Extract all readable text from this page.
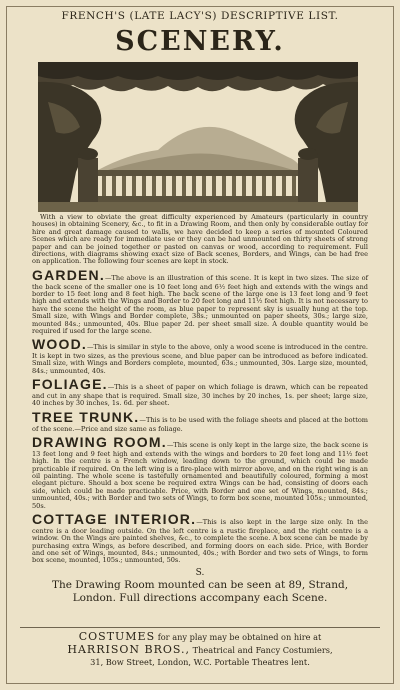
FRENCH'S (LATE LACY'S) DESCRIPTIVE LIST.
SCENERY.

With a view to obviate the great difficulty experienced by Amateurs (particularly in country houses) in obtaining Scenery, &c., to fit in a Drawing Room, and then only by considerable outlay for hire and great damage caused to walls, we have decided to keep a series of mounted Coloured Scenes which are ready for immediate use or they can be had unmounted on thirty sheets of strong paper and can be joined together or pasted on canvas or wood, according to requirement. Full directions, with diagrams showing exact size of Back scenes, Borders, and Wings, can be had free on application. The following four scenes are kept in stock.

GARDEN.—The above is an illustration of this scene. It is kept in two sizes. The size of the back scene of the smaller one is 10 feet long and 6½ feet high and extends with the wings and border to 15 feet long and 8 feet high. The back scene of the large one is 13 feet long and 9 feet high and extends with the Wings and Border to 20 feet long and 11½ feet high. It is not necessary to have the scene the height of the room, as blue paper to represent sky is usually hung at the top. Small size, with Wings and Border complete, 38s.; unmounted on paper sheets, 30s.; large size, mounted 84s.; unmounted, 40s. Blue paper 2d. per sheet small size. A double quantity would be required if used for the large scene.

WOOD.—This is similar in style to the above, only a wood scene is introduced in the centre. It is kept in two sizes, as the previous scene, and blue paper can be introduced as before indicated. Small size, with Wings and Borders complete, mounted, 63s.; unmounted, 30s. Large size, mounted, 84s.; unmounted, 40s.

FOLIAGE.—This is a sheet of paper on which foliage is drawn, which can be repeated and cut in any shape that is required. Small size, 30 inches by 20 inches, 1s. per sheet; large size, 40 inches by 30 inches, 1s. 6d. per sheet.

TREE TRUNK.—This is to be used with the foliage sheets and placed at the bottom of the scene.—Price and size same as foliage.

DRAWING ROOM.—This scene is only kept in the large size, the back scene is 13 feet long and 9 feet high and extends with the wings and borders to 20 feet long and 11½ feet high. In the centre is a French window, leading down to the ground, which could be made practicable if required. On the left wing is a fire-place with mirror above, and on the right wing is an oil painting. The whole scene is tastefully ornamented and beautifully coloured, forming a most elegant picture. Should a box scene be required extra Wings can be had, consisting of doors each side, which could be made practicable. Price, with Border and one set of Wings, mounted, 84s.; unmounted, 40s.; with Border and two sets of Wings, to form box scene, mounted 105s.; unmounted, 50s.

COTTAGE INTERIOR.—This is also kept in the large size only. In the centre is a door leading outside. On the left centre is a rustic fireplace, and the right centre is a window. On the Wings are painted shelves, &c., to complete the scene. A box scene can be made by purchasing extra Wings, as before described, and forming doors on each side. Price, with Border and one set of Wings, mounted, 84s.; unmounted, 40s.; with Border and two sets of Wings, to form box scene, mounted, 105s.; unmounted, 50s.

S.
The Drawing Room mounted can be seen at 89, Strand, London. Full directions accompany each Scene.
COSTUMES for any play may be obtained on hire at
HARRISON BROS., Theatrical and Fancy Costumiers,
31, Bow Street, London, W.C. Portable Theatres lent.
